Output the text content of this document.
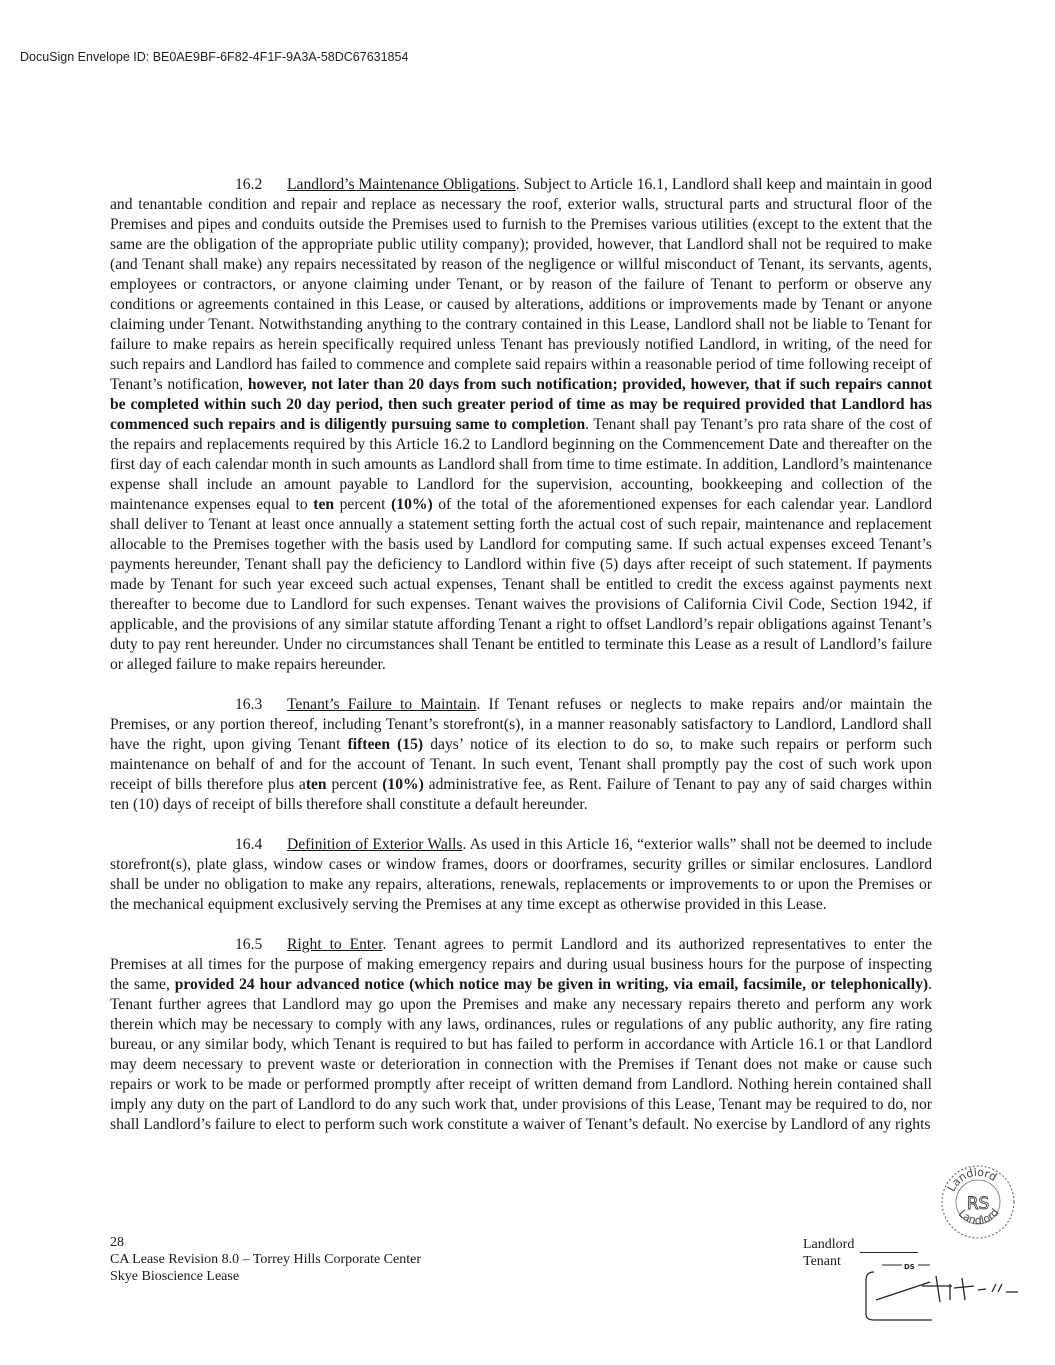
DocuSign Envelope ID: BE0AE9BF-6F82-4F1F-9A3A-58DC67631854

16.2 Landlord’s Maintenance Obligations. Subject to Article 16.1, Landlord shall keep and maintain in good and tenantable condition and repair and replace as necessary the roof, exterior walls, structural parts and structural floor of the Premises and pipes and conduits outside the Premises used to furnish to the Premises various utilities (except to the extent that the same are the obligation of the appropriate public utility company); provided, however, that Landlord shall not be required to make (and Tenant shall make) any repairs necessitated by reason of the negligence or willful misconduct of Tenant, its servants, agents, employees or contractors, or anyone claiming under Tenant, or by reason of the failure of Tenant to perform or observe any conditions or agreements contained in this Lease, or caused by alterations, additions or improvements made by Tenant or anyone claiming under Tenant. Notwithstanding anything to the contrary contained in this Lease, Landlord shall not be liable to Tenant for failure to make repairs as herein specifically required unless Tenant has previously notified Landlord, in writing, of the need for such repairs and Landlord has failed to commence and complete said repairs within a reasonable period of time following receipt of Tenant’s notification, however, not later than 20 days from such notification; provided, however, that if such repairs cannot be completed within such 20 day period, then such greater period of time as may be required provided that Landlord has commenced such repairs and is diligently pursuing same to completion. Tenant shall pay Tenant’s pro rata share of the cost of the repairs and replacements required by this Article 16.2 to Landlord beginning on the Commencement Date and thereafter on the first day of each calendar month in such amounts as Landlord shall from time to time estimate. In addition, Landlord’s maintenance expense shall include an amount payable to Landlord for the supervision, accounting, bookkeeping and collection of the maintenance expenses equal to ten percent (10%) of the total of the aforementioned expenses for each calendar year. Landlord shall deliver to Tenant at least once annually a statement setting forth the actual cost of such repair, maintenance and replacement allocable to the Premises together with the basis used by Landlord for computing same. If such actual expenses exceed Tenant’s payments hereunder, Tenant shall pay the deficiency to Landlord within five (5) days after receipt of such statement. If payments made by Tenant for such year exceed such actual expenses, Tenant shall be entitled to credit the excess against payments next thereafter to become due to Landlord for such expenses. Tenant waives the provisions of California Civil Code, Section 1942, if applicable, and the provisions of any similar statute affording Tenant a right to offset Landlord’s repair obligations against Tenant’s duty to pay rent hereunder. Under no circumstances shall Tenant be entitled to terminate this Lease as a result of Landlord’s failure or alleged failure to make repairs hereunder.

16.3 Tenant’s Failure to Maintain. If Tenant refuses or neglects to make repairs and/or maintain the Premises, or any portion thereof, including Tenant’s storefront(s), in a manner reasonably satisfactory to Landlord, Landlord shall have the right, upon giving Tenant fifteen (15) days’ notice of its election to do so, to make such repairs or perform such maintenance on behalf of and for the account of Tenant. In such event, Tenant shall promptly pay the cost of such work upon receipt of bills therefore plus aten percent (10%) administrative fee, as Rent. Failure of Tenant to pay any of said charges within ten (10) days of receipt of bills therefore shall constitute a default hereunder.

16.4 Definition of Exterior Walls. As used in this Article 16, “exterior walls” shall not be deemed to include storefront(s), plate glass, window cases or window frames, doors or doorframes, security grilles or similar enclosures. Landlord shall be under no obligation to make any repairs, alterations, renewals, replacements or improvements to or upon the Premises or the mechanical equipment exclusively serving the Premises at any time except as otherwise provided in this Lease.

16.5 Right to Enter. Tenant agrees to permit Landlord and its authorized representatives to enter the Premises at all times for the purpose of making emergency repairs and during usual business hours for the purpose of inspecting the same, provided 24 hour advanced notice (which notice may be given in writing, via email, facsimile, or telephonically). Tenant further agrees that Landlord may go upon the Premises and make any necessary repairs thereto and perform any work therein which may be necessary to comply with any laws, ordinances, rules or regulations of any public authority, any fire rating bureau, or any similar body, which Tenant is required to but has failed to perform in accordance with Article 16.1 or that Landlord may deem necessary to prevent waste or deterioration in connection with the Premises if Tenant does not make or cause such repairs or work to be made or performed promptly after receipt of written demand from Landlord. Nothing herein contained shall imply any duty on the part of Landlord to do any such work that, under provisions of this Lease, Tenant may be required to do, nor shall Landlord’s failure to elect to perform such work constitute a waiver of Tenant’s default. No exercise by Landlord of any rights

Landlord
RS
Landlord
28
CA Lease Revision 8.0 – Torrey Hills Corporate Center
Skye Bioscience Lease
Landlord
Tenant	DS
